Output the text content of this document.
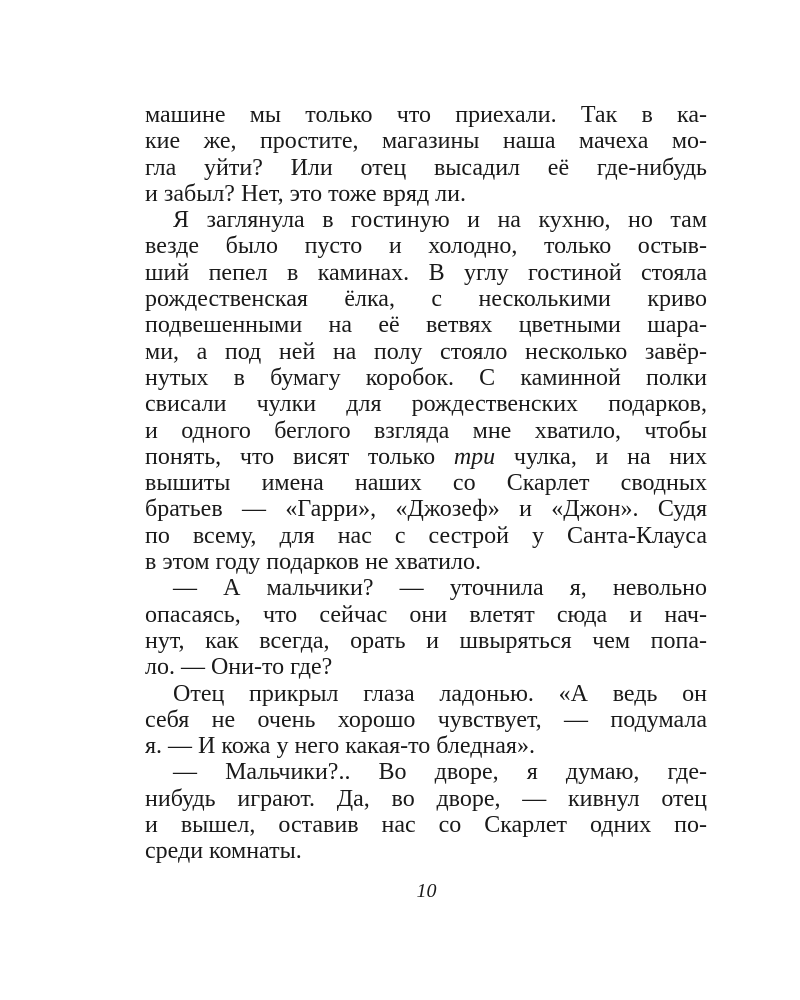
машине мы только что приехали. Так в ка-
кие же, простите, магазины наша мачеха мо-
гла уйти? Или отец высадил её где-нибудь
и забыл? Нет, это тоже вряд ли.
Я заглянула в гостиную и на кухню, но там
везде было пусто и холодно, только остыв-
ший пепел в каминах. В углу гостиной стояла
рождественская ёлка, с несколькими криво
подвешенными на её ветвях цветными шара-
ми, а под ней на полу стояло несколько завёр-
нутых в бумагу коробок. С каминной полки
свисали чулки для рождественских подарков,
и одного беглого взгляда мне хватило, чтобы
понять, что висят только три чулка, и на них
вышиты имена наших со Скарлет сводных
братьев — «Гарри», «Джозеф» и «Джон». Судя
по всему, для нас с сестрой у Санта-Клауса
в этом году подарков не хватило.
— А мальчики? — уточнила я, невольно
опасаясь, что сейчас они влетят сюда и нач-
нут, как всегда, орать и швыряться чем попа-
ло. — Они-то где?
Отец прикрыл глаза ладонью. «А ведь он
себя не очень хорошо чувствует, — подумала
я. — И кожа у него какая-то бледная».
— Мальчики?.. Во дворе, я думаю, где-
нибудь играют. Да, во дворе, — кивнул отец
и вышел, оставив нас со Скарлет одних по-
среди комнаты.
10
